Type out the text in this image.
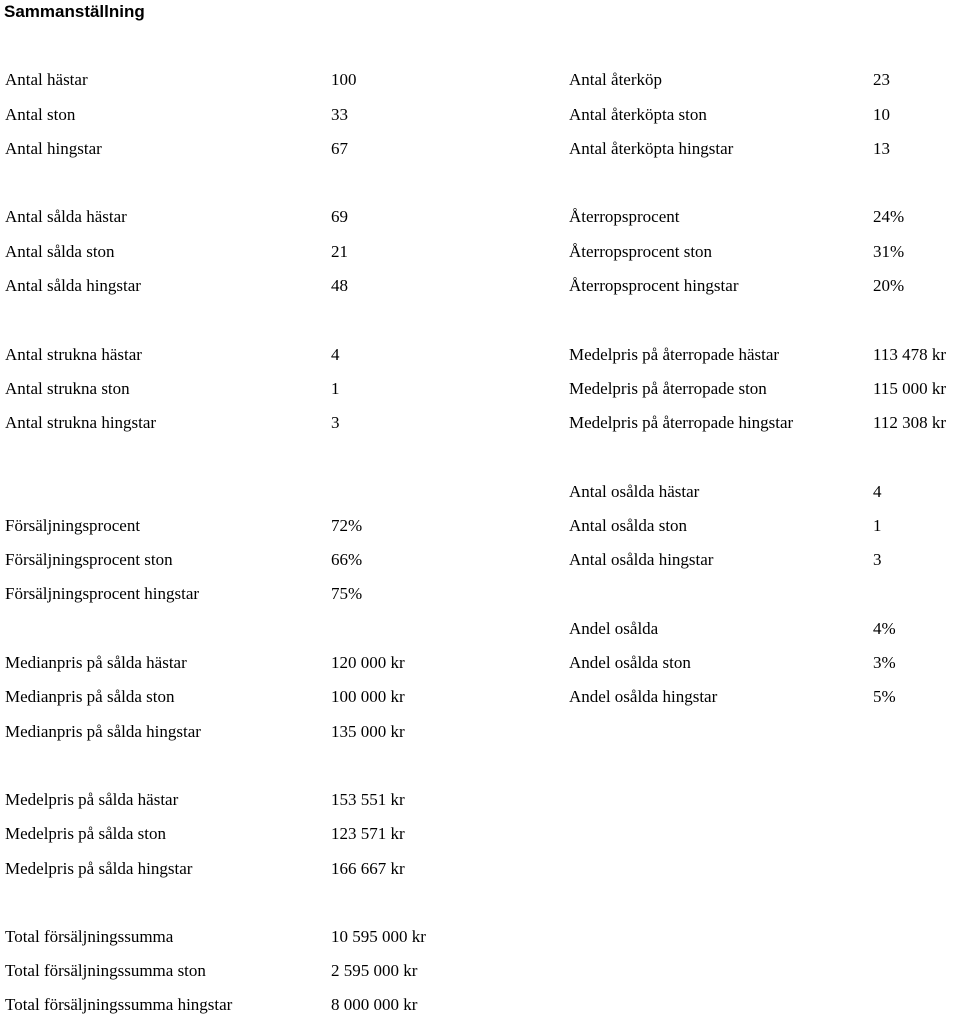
Sammanställning
Antal hästar	100
Antal ston	33
Antal hingstar	67
Antal sålda hästar	69
Antal sålda ston	21
Antal sålda hingstar	48
Antal strukna hästar	4
Antal strukna ston	1
Antal strukna hingstar	3
Försäljningsprocent	72%
Försäljningsprocent ston	66%
Försäljningsprocent hingstar	75%
Medianpris på sålda hästar	120 000 kr
Medianpris på sålda ston	100 000 kr
Medianpris på sålda hingstar	135 000 kr
Medelpris på sålda hästar	153 551 kr
Medelpris på sålda ston	123 571 kr
Medelpris på sålda hingstar	166 667 kr
Total försäljningssumma	10 595 000 kr
Total försäljningssumma ston	2 595 000 kr
Total försäljningssumma hingstar	8 000 000 kr
Antal återköp	23
Antal återköpta ston	10
Antal återköpta hingstar	13
Återropsprocent	24%
Återropsprocent ston	31%
Återropsprocent hingstar	20%
Medelpris på återropade hästar	113 478 kr
Medelpris på återropade ston	115 000 kr
Medelpris på återropade hingstar	112 308 kr
Antal osålda hästar	4
Antal osålda ston	1
Antal osålda hingstar	3
Andel osålda	4%
Andel osålda ston	3%
Andel osålda hingstar	5%
